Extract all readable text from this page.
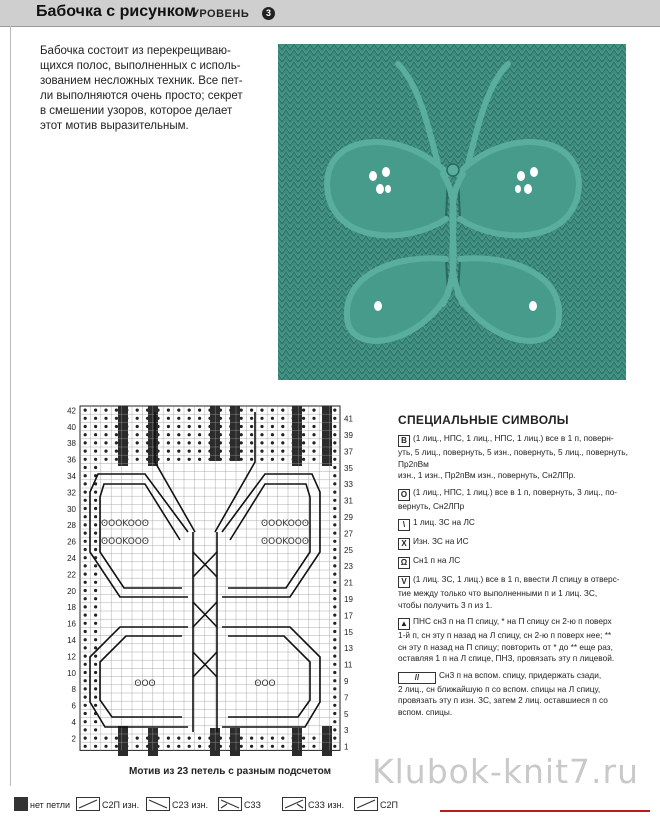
Бабочка с рисунком
УРОВЕНЬ	3
Бабочка состоит из перекрещиваю-
щихся полос, выполненных с исполь-
зованием несложных техник. Все пет-
ли выполняются очень просто; секрет
в смешении узоров, которое делает
этот мотив выразительным.
ʘOOKOOʘ
ʘOOKOOʘ
ʘOOKOOʘ
ʘOOKOOʘ
ʘOʘ	ʘOʘ
42
40
38
36
34
32
30
28
26
24
22
20
18
16
14
12
10
8
6
4
2
41
39
37
35
33
31
29
27
25
23
21
19
17
15
13
11
9
7
5
3
1
Мотив из 23 петель с разным подсчетом
СПЕЦИАЛЬНЫЕ СИМВОЛЫ
B (1 лиц., НПС, 1 лиц., НПС, 1 лиц.) все в 1 п, поверн-
уть, 5 лиц., повернуть, 5 изн., повернуть, 5 лиц., повернуть, Пр2пВм
изн., 1 изн., Пр2пВм изн., повернуть, Сн2ЛПр.
O (1 лиц., НПС, 1 лиц.) все в 1 п, повернуть, 3 лиц., по-
вернуть, Сн2ЛПр
\ 1 лиц. ЗС на ЛС
X Изн. ЗС на ИС
Ω Сн1 п на ЛС
V (1 лиц. ЗС, 1 лиц.) все в 1 п, ввести Л спицу в отверс-
тие между только что выполненными п и 1 лиц. ЗС,
чтобы получить 3 п из 1.
▲ ПНС сн3 п на П спицу, * на П спицу сн 2-ю п поверх
1-й п, сн эту п назад на Л спицу, сн 2-ю п поверх нее; **
сн эту п назад на П спицу; повторить от * до ** еще раз,
оставляя 1 п на Л спице, ПНЗ, провязать эту п лицевой.
// Сн3 п на вспом. спицу, придержать сзади,
2 лиц., сн ближайшую п со вспом. спицы на Л спицу,
провязать эту п изн. ЗС, затем 2 лиц. оставшиеся п со
вспом. спицы.
Klubok-knit7.ru
нет петли	С2П изн.	С2З изн.	С3З	С3З изн.	С2П
